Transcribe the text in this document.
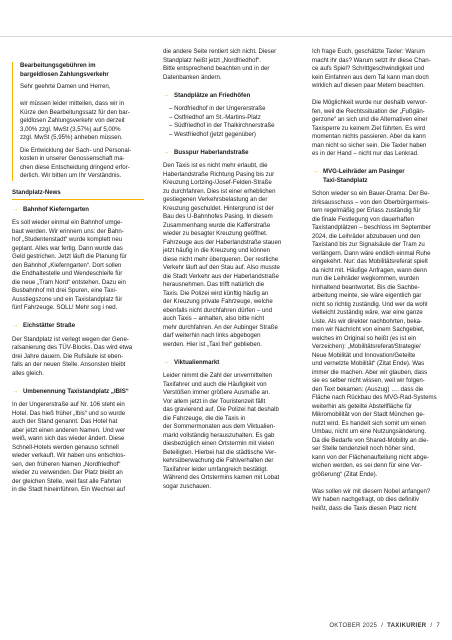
Bearbeitungsgebühren im

bargeldlosen Zahlungsverkehr

Sehr geehrte Damen und Herren,

wir müssen leider mitteilen, dass wir in

Kürze den Bearbeitungssatz für den bar-

geldlosen Zahlungsverkehr von derzeit

3,00% zzgl. MwSt (3,57%) auf 5,00%

zzgl. MwSt (5,95%) anheben müssen.

Die Entwicklung der Sach- und Personal-

kosten in unserer Genossenschaft ma-

chen diese Entscheidung dringend erfor-

derlich. Wir bitten um Ihr Verständnis.

Standplatz-News
→ Bahnhof Kieferngarten

Es soll wieder einmal ein Bahnhof umge-

baut werden. Wir erinnern uns: der Bahn-

hof „Studentenstadt“ wurde komplett neu

geplant. Alles war fertig. Dann wurde das

Geld gestrichen. Jetzt läuft die Planung für

den Bahnhof „Kieferngarten“. Dort sollen

die Endhaltestelle und Wendeschleife für

die neue „Tram Nord“ entstehen. Dazu ein

Busbahnhof mit drei Spuren, eine Taxi-

Ausstiegszone und ein Taxistandplatz für

fünf Fahrzeuge. SOLL! Mehr sog i ned.

→ Eichstätter Straße

Der Standplatz ist verlegt wegen der Gene-

ralsanierung des TÜV-Blocks. Das wird etwa

drei Jahre dauern. Die Rufsäule ist eben-

falls an der neuen Stelle. Ansonsten bleibt

alles gleich.

→ Umbenennung Taxistandplatz „IBIS“

In der Ungererstraße auf Nr. 106 steht ein

Hotel. Das hieß früher „Ibis“ und so wurde

auch der Stand genannt. Das Hotel hat

aber jetzt einen anderen Namen. Und wer

weiß, wann sich das wieder ändert. Diese

Schnell-Hotels werden genauso schnell

wieder verkauft. Wir haben uns entschlos-

sen, den früheren Namen „Nordfriedhof“

wieder zu verwenden. Der Platz bleibt an

der gleichen Stelle, weil fast alle Fahrten

in die Stadt hineinführen. Ein Wechsel auf

die andere Seite rentiert sich nicht. Dieser

Standplatz heißt jetzt „Nordfriedhof“.

Bitte entsprechend beachten und in der

Datenbanken ändern.

→ Standplätze an Friedhöfen

– Nordfriedhof in der Ungererstraße

– Ostfriedhof am St.-Martins-Platz

– Südfriedhof in der Thalkirchnerstraße

– Westfriedhof (jetzt gegenüber)

→ Busspur Haberlandstraße

Den Taxis ist es nicht mehr erlaubt, die

Haberlandstraße Richtung Pasing bis zur

Kreuzung Lortzing-/Josef-Felden-Straße

zu durchfahren. Dies ist einer erheblichen

gestiegenen Verkehrsbelastung an der

Kreuzung geschuldet. Hintergrund ist der

Bau des U-Bahnhofes Pasing. In diesem

Zusammenhang wurde die Kafferstraße

wieder zu besagter Kreuzung geöffnet.

Fahrzeuge aus der Haberlandstraße stauen

jetzt häufig in die Kreuzung und können

diese nicht mehr überqueren. Der restliche

Verkehr läuft auf den Stau auf. Also musste

die Stadt Verkehr aus der Haberlandstraße

herausnehmen. Das trifft natürlich die

Taxis. Die Polizei wird künftig häufig an

der Kreuzung private Fahrzeuge, welche

ebenfalls nicht durchfahren dürfen – und

auch Taxis – anhalten, also bitte nicht

mehr durchfahren. An der Aubinger Straße

darf weiterhin nach links abgebogen

werden. Hier ist „Taxi frei“ geblieben.

→ Viktualienmarkt

Leider nimmt die Zahl der unvermittelten

Taxifahrer und auch die Häufigkeit von

Verstößen immer größere Ausmaße an.

Vor allem jetzt in der Touristenzeit fällt

das gravierend auf. Die Polizei hat deshalb

die Fahrzeuge, die die Taxis in

der Sommermonaten aus dem Viktualien-

markt vollständig herauszuhalten. Es gab

diesbezüglich einen Ortstermin mit vielen

Beteiligten. Hierbei hat die städtische Ver-

kehrsüberwachung die Fahlverhalten der

Taxifahrer leider umfangreich bestätigt.

Während des Ortstermins kamen mit Lobat

sogar zuschauen.

Ich frage Euch, geschätzte Taxler: Warum

macht ihr das? Warum setzt ihr diese Chan-

ce aufs Spiel? Schrittgeschwindigkeit und

kein Einfahren aus dem Tal kann man doch

wirklich auf diesen paar Metern beachten.

Die Möglichkeit wurde nur deshalb verwor-

fen, weil die Rechtssituation der „Fußgän-

gerzone“ an sich und die Alternativen einer

Taxisperre zu keinem Ziel führten. Es wird

momentan nichts passieren. Aber da kann

man nicht so sicher sein. Die Taxler haben

es in der Hand – nicht nur das Lenkrad.

→ MVG-Leihräder am Pasinger
Taxi-Standplatz

Schon wieder so ein Bauer-Drama: Der Be-

zirksausschuss – von den Oberbürgermeis-

tern regelmäßig per Erlass zuständig für

die finale Festlegung von dauerhaften

Taxistandplätzen – beschloss im September

2024, die Leihräder abzubauen und den

Taxistand bis zur Signalsäule der Tram zu

verlängern. Dann wäre endlich einmal Ruhe

eingekehrt. Nur: das Mobilitätsreferat spielt

da nicht mit. Häufige Anfragen, wann denn

nun die Leihräder wegkommen, wurden

hinhaltend beantwortet. Bis die Sachbe-

arbeitung meinte, sie wäre eigentlich gar

nicht so richtig zuständig. Und wer da wohl

vielleicht zuständig wäre, war eine ganze

Liste. Als wir direkter nachbohrten, beka-

men wir Nachricht von einem Sachgebiet,

welches im Original so heißt (es ist ein

Verzeichen): „Mobilitätsreferat/Strategie/

Neue Mobilität und Innovation/Geteilte

und vernetzte Mobilität“ (Zitat Ende). Was

immer die machen. Aber wir glauben, dass

sie es selber nicht wissen, weil wir folgen-

den Text bekamen: (Auszug) …. dass die

Fläche nach Rückbau des MVG-Rad-Systems

weiterhin als geteilte Abstellfläche für

Mikromobilität von der Stadt München ge-

nutzt wird. Es handelt sich somit um einen

Umbau, nicht um eine Nutzungsänderung.

Da die Bedarfe von Shared-Mobility an die-

ser Stelle tendenziell noch höher sind,

kann von der Flächenaufteilung nicht abge-

wichen werden, es sei denn für eine Ver-

größerung“ (Zitat Ende).

Was sollen wir mit diesem Nobel anfangen?

Wir haben nachgefragt, ob dies definitiv

heißt, dass die Taxis diesen Platz nicht

OKTOBER 2025 / TAXIKURIER / 7
